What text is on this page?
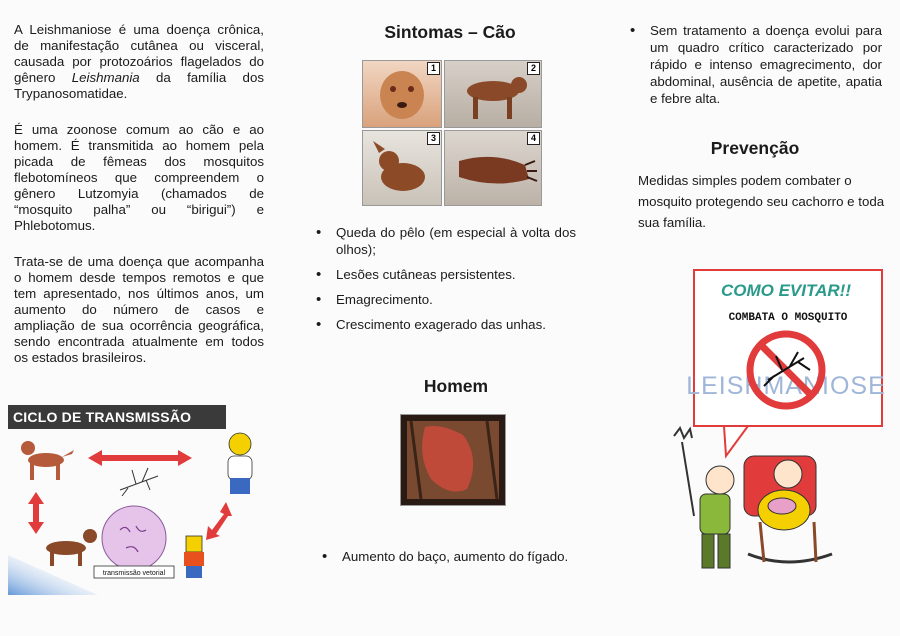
A Leishmaniose é uma doença crônica, de manifestação cutânea ou visceral, causada por protozoários flagelados do gênero Leishmania da família dos Trypanosomatidae.

É uma zoonose comum ao cão e ao homem. É transmitida ao homem pela picada de fêmeas dos mosquitos flebotomíneos que compreendem o gênero Lutzomyia (chamados de “mosquito palha” ou “birigui”) e Phlebotomus.

Trata-se de uma doença que acompanha o homem desde tempos remotos e que tem apresentado, nos últimos anos, um aumento do número de casos e ampliação de sua ocorrência geográfica, sendo encontrada atualmente em todos os estados brasileiros.

CICLO DE TRANSMISSÃO
transmissão vetorial
Sintomas – Cão
1	2
3	4
• Queda do pêlo (em especial à volta dos olhos);
• Lesões cutâneas persistentes.
• Emagrecimento.
• Crescimento exagerado das unhas.
Homem
• Aumento do baço, aumento do fígado.
• Sem tratamento a doença evolui para um quadro crítico caracterizado por rápido e intenso emagrecimento, dor abdominal, ausência de apetite, apatia e febre alta.
Prevenção

Medidas simples podem combater o mosquito protegendo seu cachorro e toda sua família.

COMO EVITAR!!
COMBATA O MOSQUITO
LEISHMANIOSE
